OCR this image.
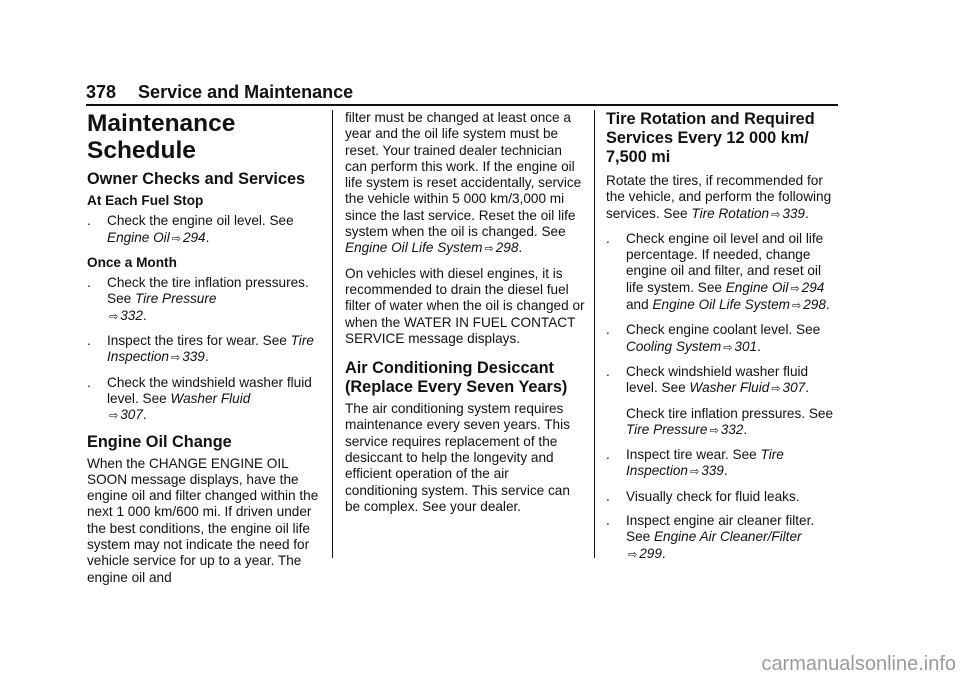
378 Service and Maintenance
Maintenance
Schedule
Owner Checks and Services
At Each Fuel Stop
. Check the engine oil level. See Engine Oil ⇨ 294.
Once a Month
. Check the tire inflation pressures. See Tire Pressure
⇨ 332.
. Inspect the tires for wear. See Tire Inspection ⇨ 339.
. Check the windshield washer fluid level. See Washer Fluid
⇨ 307.
Engine Oil Change
When the CHANGE ENGINE OIL SOON message displays, have the engine oil and filter changed within the next 1 000 km/600 mi. If driven under the best conditions, the engine oil life system may not indicate the need for vehicle service for up to a year. The engine oil and
filter must be changed at least once a year and the oil life system must be reset. Your trained dealer technician can perform this work. If the engine oil life system is reset accidentally, service the vehicle within 5 000 km/3,000 mi since the last service. Reset the oil life system when the oil is changed. See Engine Oil Life System ⇨ 298.
On vehicles with diesel engines, it is recommended to drain the diesel fuel filter of water when the oil is changed or when the WATER IN FUEL CONTACT SERVICE message displays.
Air Conditioning Desiccant (Replace Every Seven Years)
The air conditioning system requires maintenance every seven years. This service requires replacement of the desiccant to help the longevity and efficient operation of the air conditioning system. This service can be complex. See your dealer.
Tire Rotation and Required Services Every 12 000 km/ 7,500 mi
Rotate the tires, if recommended for the vehicle, and perform the following services. See Tire Rotation ⇨ 339.
. Check engine oil level and oil life percentage. If needed, change engine oil and filter, and reset oil life system. See Engine Oil ⇨ 294 and Engine Oil Life System ⇨ 298.
. Check engine coolant level. See Cooling System ⇨ 301.
. Check windshield washer fluid level. See Washer Fluid ⇨ 307.
Check tire inflation pressures. See Tire Pressure ⇨ 332.
. Inspect tire wear. See Tire Inspection ⇨ 339.
. Visually check for fluid leaks.
. Inspect engine air cleaner filter. See Engine Air Cleaner/Filter
⇨ 299.
carmanualsonline.info
